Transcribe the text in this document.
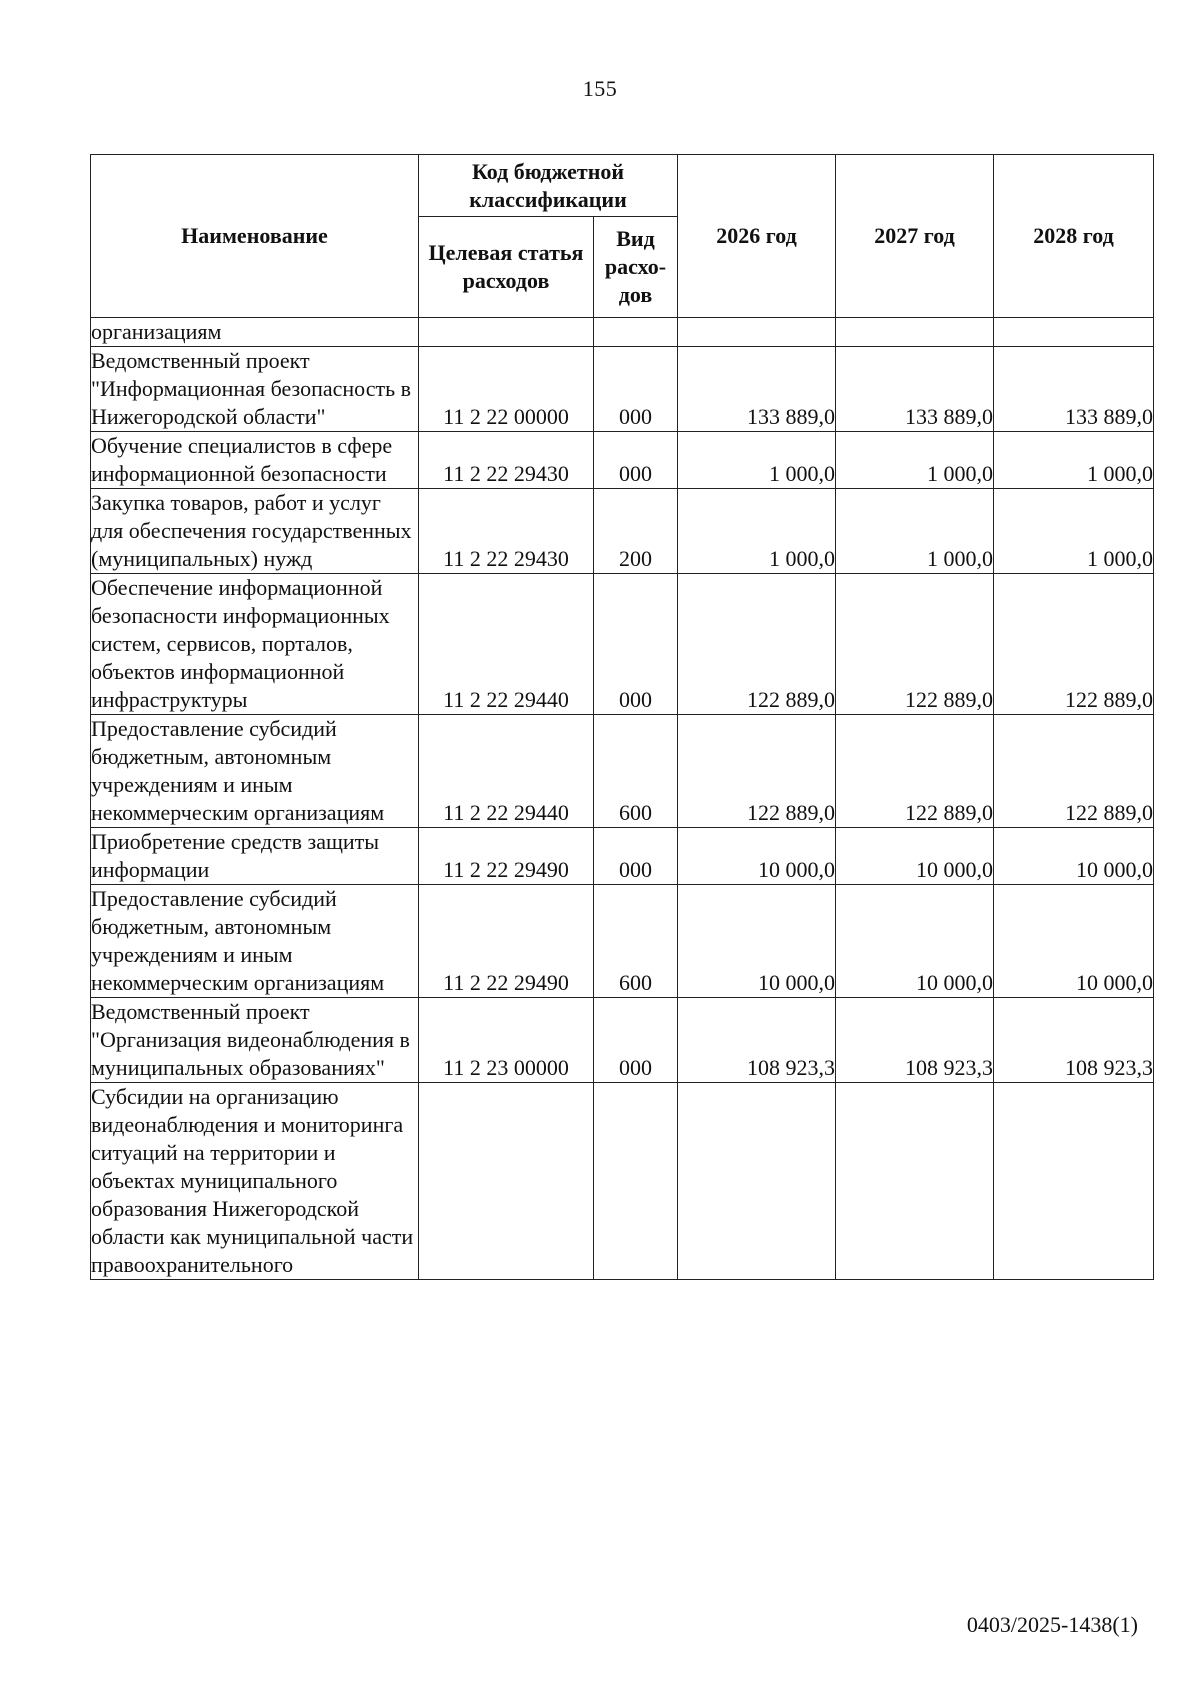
155
Наименование	Код бюджетной классификации		2026 год	2027 год	2028 год
	Целевая статья расходов	Вид расхо-дов			
организациям					
Ведомственный проект "Информационная безопасность в Нижегородской области"	11 2 22 00000	000	133 889,0	133 889,0	133 889,0
Обучение специалистов в сфере информационной безопасности	11 2 22 29430	000	1 000,0	1 000,0	1 000,0
Закупка товаров, работ и услуг для обеспечения государственных (муниципальных) нужд	11 2 22 29430	200	1 000,0	1 000,0	1 000,0
Обеспечение информационной безопасности информационных систем, сервисов, порталов, объектов информационной инфраструктуры	11 2 22 29440	000	122 889,0	122 889,0	122 889,0
Предоставление субсидий бюджетным, автономным учреждениям и иным некоммерческим организациям	11 2 22 29440	600	122 889,0	122 889,0	122 889,0
Приобретение средств защиты информации	11 2 22 29490	000	10 000,0	10 000,0	10 000,0
Предоставление субсидий бюджетным, автономным учреждениям и иным некоммерческим организациям	11 2 22 29490	600	10 000,0	10 000,0	10 000,0
Ведомственный проект "Организация видеонаблюдения в муниципальных образованиях"	11 2 23 00000	000	108 923,3	108 923,3	108 923,3
Субсидии на организацию видеонаблюдения и мониторинга ситуаций на территории и объектах муниципального образования Нижегородской области как муниципальной части правоохранительного					
0403/2025-1438(1)
